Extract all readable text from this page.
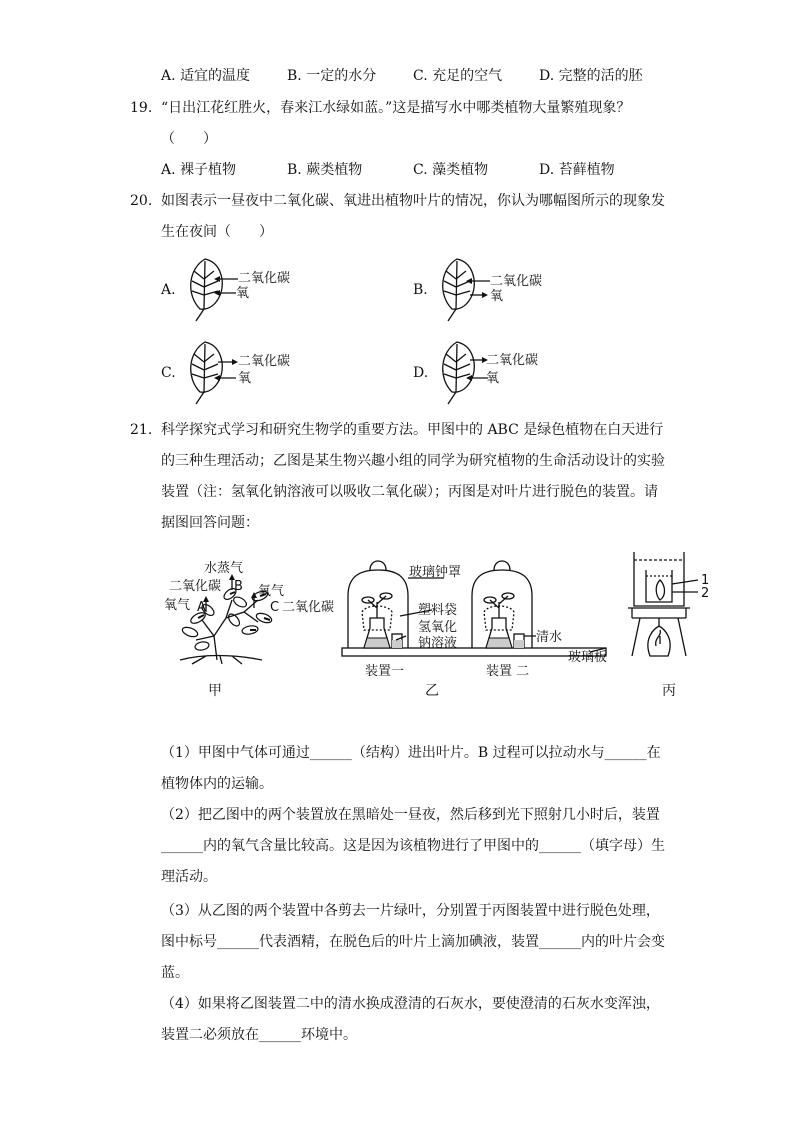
A. 适宜的温度	B. 一定的水分	C. 充足的空气	D. 完整的活的胚
19. “日出江花红胜火，春来江水绿如蓝。”这是描写水中哪类植物大量繁殖现象？
（　　）
A. 裸子植物	B. 蕨类植物	C. 藻类植物	D. 苔藓植物
20. 如图表示一昼夜中二氧化碳、氧进出植物叶片的情况，你认为哪幅图所示的现象发
生在夜间（　　）
A.
二氧化碳
氧	B.
二氧化碳
氧
C.
二氧化碳
氧	D.
二氧化碳
氧
21. 科学探究式学习和研究生物学的重要方法。甲图中的 ABC 是绿色植物在白天进行
的三种生理活动；乙图是某生物兴趣小组的同学为研究植物的生命活动设计的实验
装置（注：氢氧化钠溶液可以吸收二氧化碳）；丙图是对叶片进行脱色的装置。请
据图回答问题：
水蒸气
二氧化碳 B
氧气 A
氧气
C 二氧化碳
甲
玻璃钟罩
塑料袋
氢氧化
钠溶液	清水
玻璃板
装置一	装置 二
乙
1
2
丙
（1）甲图中气体可通过______（结构）进出叶片。B 过程可以拉动水与______在
植物体内的运输。
（2）把乙图中的两个装置放在黑暗处一昼夜，然后移到光下照射几小时后，装置
______内的氧气含量比较高。这是因为该植物进行了甲图中的______（填字母）生
理活动。
（3）从乙图的两个装置中各剪去一片绿叶，分别置于丙图装置中进行脱色处理，
图中标号______代表酒精，在脱色后的叶片上滴加碘液，装置______内的叶片会变
蓝。
（4）如果将乙图装置二中的清水换成澄清的石灰水，要使澄清的石灰水变浑浊，
装置二必须放在______环境中。
